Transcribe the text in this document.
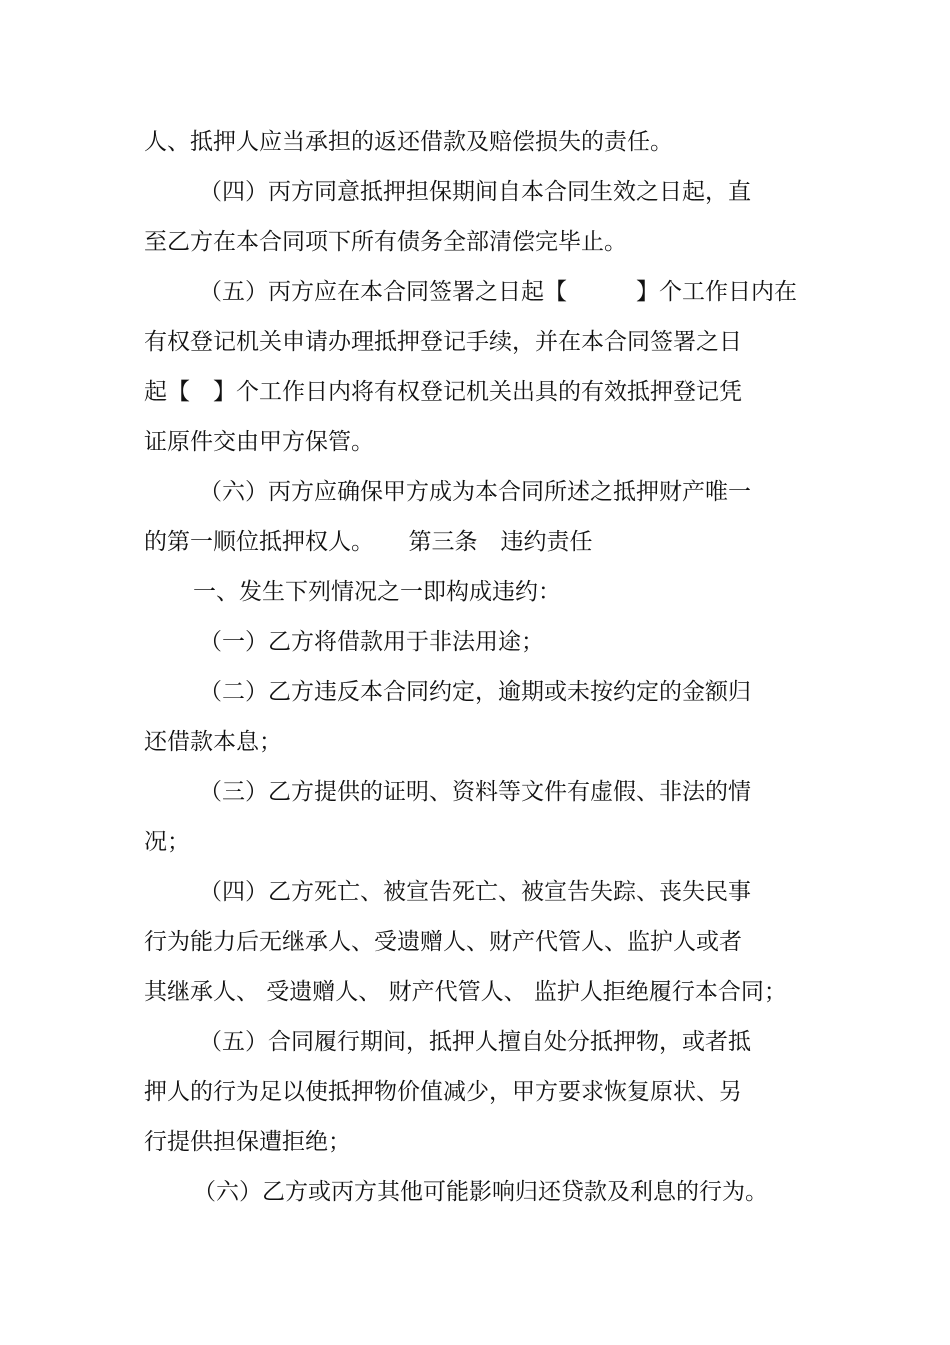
人、抵押人应当承担的返还借款及赔偿损失的责任。
（四）丙方同意抵押担保期间自本合同生效之日起，直
至乙方在本合同项下所有债务全部清偿完毕止。
（五）丙方应在本合同签署之日起【　　　】个工作日内在
有权登记机关申请办理抵押登记手续，并在本合同签署之日
起【　】个工作日内将有权登记机关出具的有效抵押登记凭
证原件交由甲方保管。
（六）丙方应确保甲方成为本合同所述之抵押财产唯一
的第一顺位抵押权人。　　第三条　违约责任
一、发生下列情况之一即构成违约：
（一）乙方将借款用于非法用途；
（二）乙方违反本合同约定，逾期或未按约定的金额归
还借款本息；
（三）乙方提供的证明、资料等文件有虚假、非法的情
况；
（四）乙方死亡、被宣告死亡、被宣告失踪、丧失民事
行为能力后无继承人、受遗赠人、财产代管人、监护人或者
其继承人、 受遗赠人、 财产代管人、 监护人拒绝履行本合同；
（五）合同履行期间，抵押人擅自处分抵押物，或者抵
押人的行为足以使抵押物价值减少，甲方要求恢复原状、另
行提供担保遭拒绝；
（六）乙方或丙方其他可能影响归还贷款及利息的行为。
